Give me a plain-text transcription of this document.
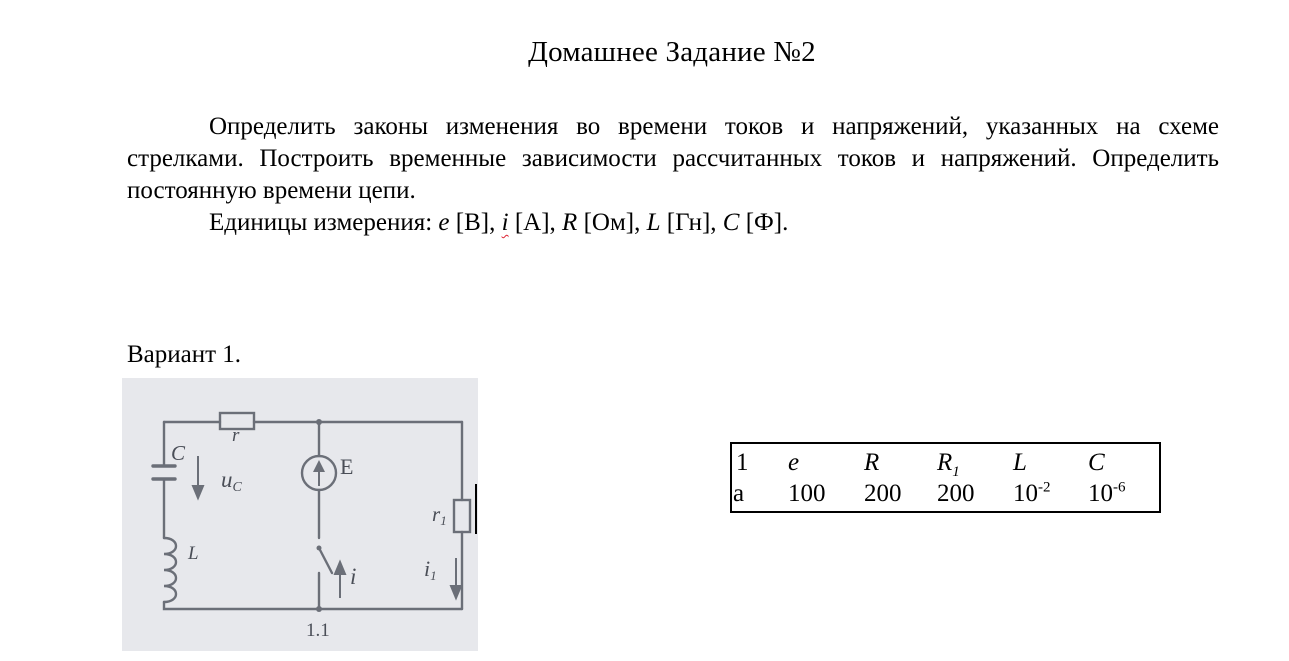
Домашнее Задание №2

Определить законы изменения во времени токов и напряжений, указанных на схеме стрелками. Построить временные зависимости рассчитанных токов и напряжений. Определить постоянную времени цепи.

Единицы измерения: e [В], i [А], R [Ом], L [Гн], C [Ф].
Вариант 1.
r
C
uC
E
r1
L
i	i1
1.1
1	e	R	$R_1$	L	C
a	100	200	200	$10^{-2}$	$10^{-6}$
